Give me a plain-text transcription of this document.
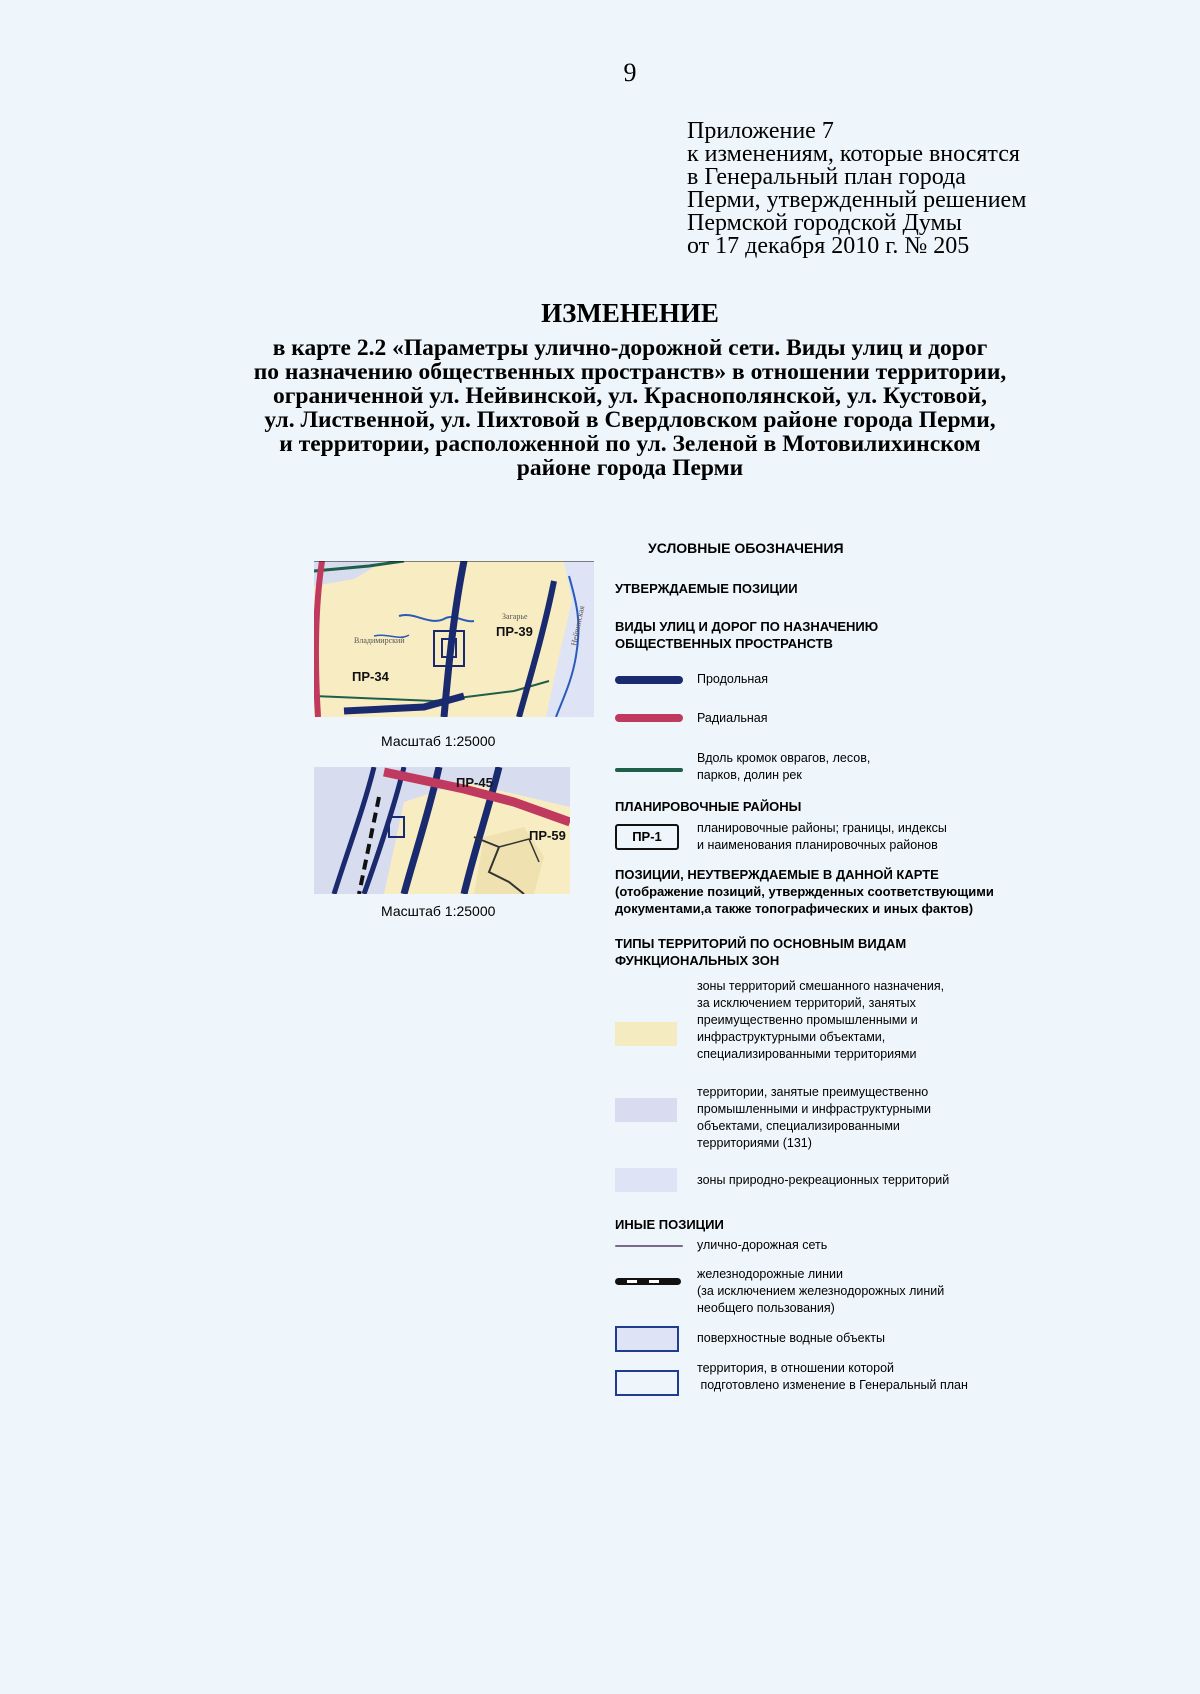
9
Приложение 7
к изменениям, которые вносятся
в Генеральный план города
Перми, утвержденный решением
Пермской городской Думы
от 17 декабря 2010 г. № 205
ИЗМЕНЕНИЕ
в карте 2.2 «Параметры улично-дорожной сети. Виды улиц и дорог
по назначению общественных пространств» в отношении территории,
ограниченной ул. Нейвинской, ул. Краснополянской, ул. Кустовой,
ул. Лиственной, ул. Пихтовой в Свердловском районе города Перми,
и территории, расположенной по ул. Зеленой в Мотовилихинском
районе города Перми
ПР-34
ПР-39
Загарье
Владимирский	Нейвинская
Масштаб 1:25000
ПР-45
ПР-59
Масштаб 1:25000
УСЛОВНЫЕ ОБОЗНАЧЕНИЯ
УТВЕРЖДАЕМЫЕ ПОЗИЦИИ
ВИДЫ УЛИЦ И ДОРОГ ПО НАЗНАЧЕНИЮ
ОБЩЕСТВЕННЫХ ПРОСТРАНСТВ
Продольная
Радиальная
Вдоль кромок оврагов, лесов,
парков, долин рек
ПЛАНИРОВОЧНЫЕ РАЙОНЫ
ПР-1
планировочные районы; границы, индексы
и наименования планировочных районов
ПОЗИЦИИ, НЕУТВЕРЖДАЕМЫЕ В ДАННОЙ КАРТЕ
(отображение позиций, утвержденных соответствующими
документами,а также топографических и иных фактов)
ТИПЫ ТЕРРИТОРИЙ ПО ОСНОВНЫМ ВИДАМ
ФУНКЦИОНАЛЬНЫХ ЗОН
зоны территорий смешанного назначения,
за исключением территорий, занятых
преимущественно промышленными и
инфраструктурными объектами,
специализированными территориями
территории, занятые преимущественно
промышленными и инфраструктурными
объектами, специализированными
территориями (131)
зоны природно-рекреационных территорий
ИНЫЕ ПОЗИЦИИ
улично-дорожная сеть
железнодорожные линии
(за исключением железнодорожных линий
необщего пользования)
поверхностные водные объекты
территория, в отношении которой
подготовлено изменение в Генеральный план
